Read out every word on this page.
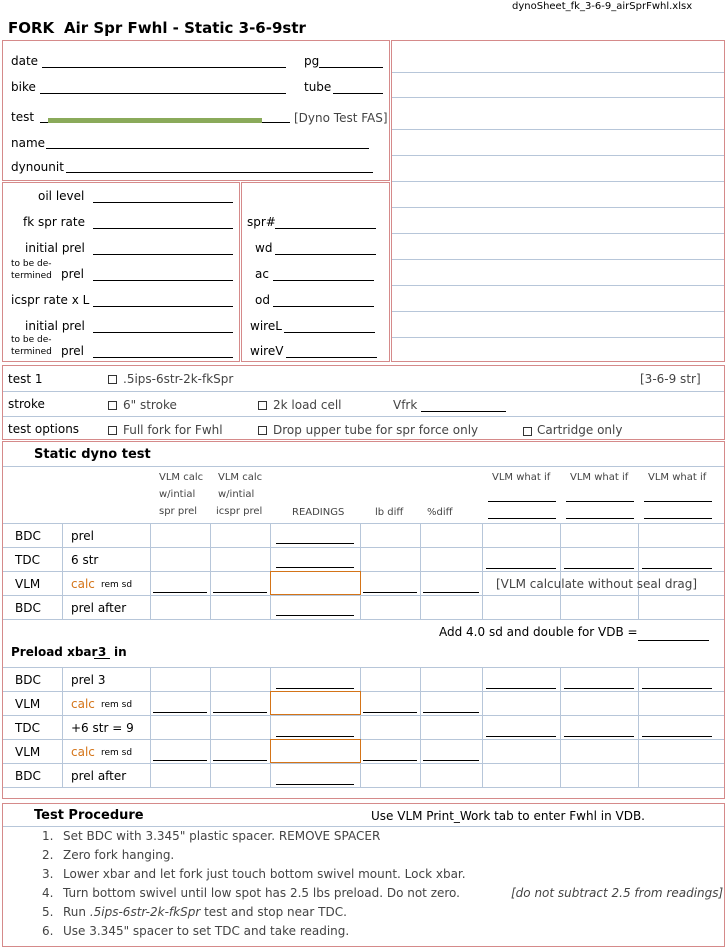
dynoSheet_fk_3-6-9_airSprFwhl.xlsx
FORK Air Spr Fwhl - Static 3-6-9str
date	pg
bike	tube
test	[Dyno Test FAS]
name
dynounit
oil level
fk spr rate
initial prel
to be de-
termined prel
icspr rate x L
initial prel
to be de-
termined prel
spr#
wd
ac
od
wireL
wireV
test 1	.5ips-6str-2k-fkSpr	[3-6-9 str]
stroke	6" stroke	2k load cell	Vfrk
test options	Full fork for Fwhl	Drop upper tube for spr force only	Cartridge only
Static dyno test
VLM calc
w/intial
spr prel
VLM calc
w/intial
icspr prel	READINGS	lb diff %diff
VLM what if VLM what if VLM what if
BDC	prel
TDC	6 str
VLM	calc rem sd	[VLM calculate without seal drag]
BDC	prel after
Add 4.0 sd and double for VDB =
Preload xbar 3 in
BDC	prel 3
VLM	calc rem sd
TDC	+6 str = 9
VLM	calc rem sd
BDC	prel after
Test Procedure	Use VLM Print_Work tab to enter Fwhl in VDB.
1. Set BDC with 3.345" plastic spacer. REMOVE SPACER
2. Zero fork hanging.
3. Lower xbar and let fork just touch bottom swivel mount. Lock xbar.
4. Turn bottom swivel until low spot has 2.5 lbs preload. Do not zero.	[do not subtract 2.5 from readings]
5. Run .5ips-6str-2k-fkSpr test and stop near TDC.
6. Use 3.345" spacer to set TDC and take reading.
